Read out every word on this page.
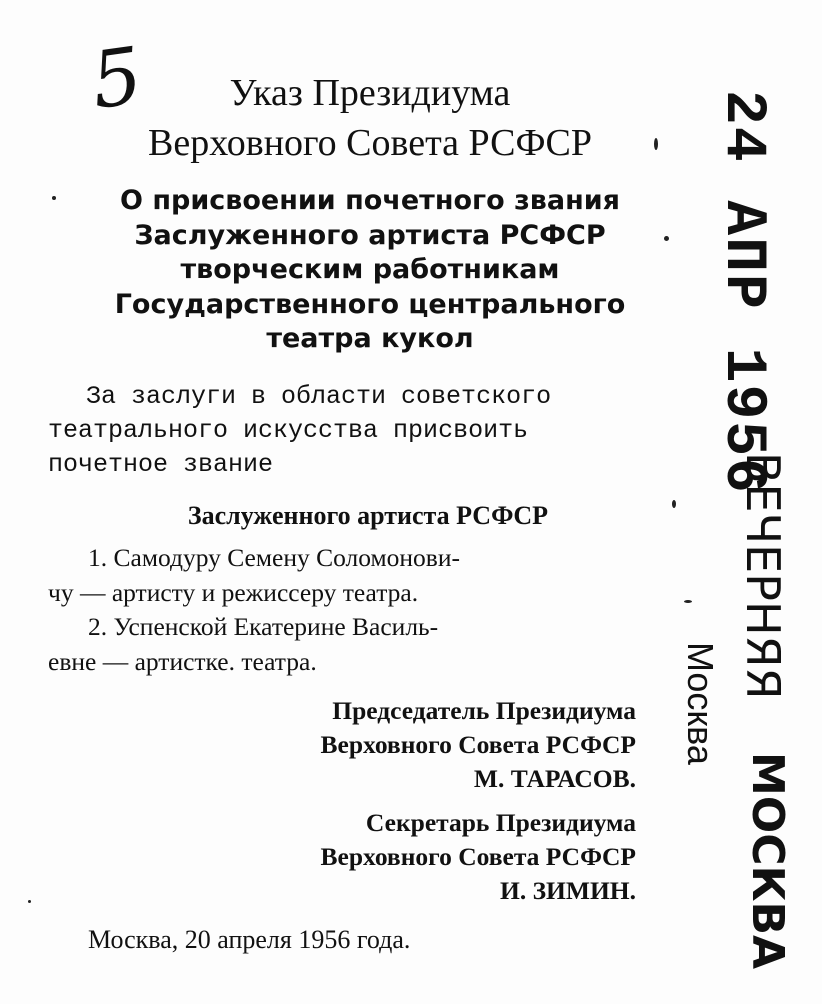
5	Указ Президиума
Верховного Совета РСФСР
О присвоении почетного звания
Заслуженного артиста РСФСР
творческим работникам
Государственного центрального
театра кукол
За заслуги в области советского
театрального искусства присвоить
почетное звание
Заслуженного артиста РСФСР
1. Самодуру Семену Соломонови-
чу — артисту и режиссеру театра.
2. Успенской Екатерине Василь-
евне — артистке. театра.
Председатель Президиума
Верховного Совета РСФСР
М. ТАРАСОВ.
Секретарь Президиума
Верховного Совета РСФСР
И. ЗИМИН.
Москва, 20 апреля 1956 года.
24 АПР 1956
ВЕЧЕРНЯЯ
Москва
МОСКВА
